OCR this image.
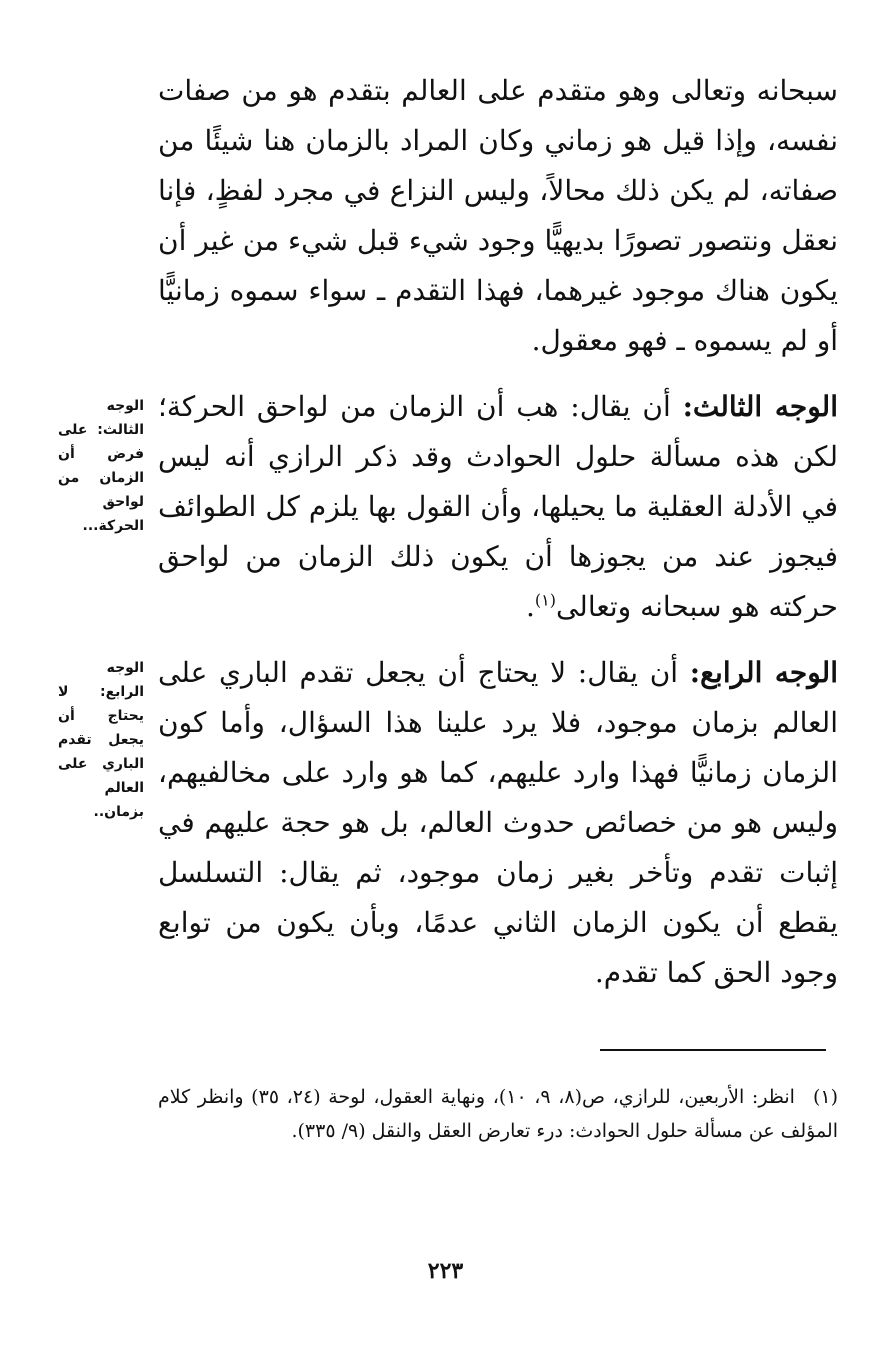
سبحانه وتعالى وهو متقدم على العالم بتقدم هو من صفات نفسه، وإذا قيل هو زماني وكان المراد بالزمان هنا شيئًا من صفاته، لم يكن ذلك محالاً، وليس النزاع في مجرد لفظٍ، فإنا نعقل ونتصور تصورًا بديهيًّا وجود شيء قبل شيء من غير أن يكون هناك موجود غيرهما، فهذا التقدم ـ سواء سموه زمانيًّا أو لم يسموه ـ فهو معقول.

الوجه الثالث: أن يقال: هب أن الزمان من لواحق الحركة؛ لكن هذه مسألة حلول الحوادث وقد ذكر الرازي أنه ليس في الأدلة العقلية ما يحيلها، وأن القول بها يلزم كل الطوائف فيجوز عند من يجوزها أن يكون ذلك الزمان من لواحق حركته هو سبحانه وتعالى$^{(١)}$.

الوجه الرابع: أن يقال: لا يحتاج أن يجعل تقدم الباري على العالم بزمان موجود، فلا يرد علينا هذا السؤال، وأما كون الزمان زمانيًّا فهذا وارد عليهم، كما هو وارد على مخالفيهم، وليس هو من خصائص حدوث العالم، بل هو حجة عليهم في إثبات تقدم وتأخر بغير زمان موجود، ثم يقال: التسلسل يقطع أن يكون الزمان الثاني عدمًا، وبأن يكون من توابع وجود الحق كما تقدم.

الوجه الثالث: على فرض أن الزمان من لواحق الحركة...
الوجه الرابع: لا يحتاج أن يجعل تقدم الباري على العالم بزمان..

(١)انظر: الأربعين، للرازي، ص(٨، ٩، ١٠)، ونهاية العقول، لوحة (٢٤، ٣٥) وانظر كلام المؤلف عن مسألة حلول الحوادث: درء تعارض العقل والنقل (٩/ ٣٣٥).

٢٢٣
